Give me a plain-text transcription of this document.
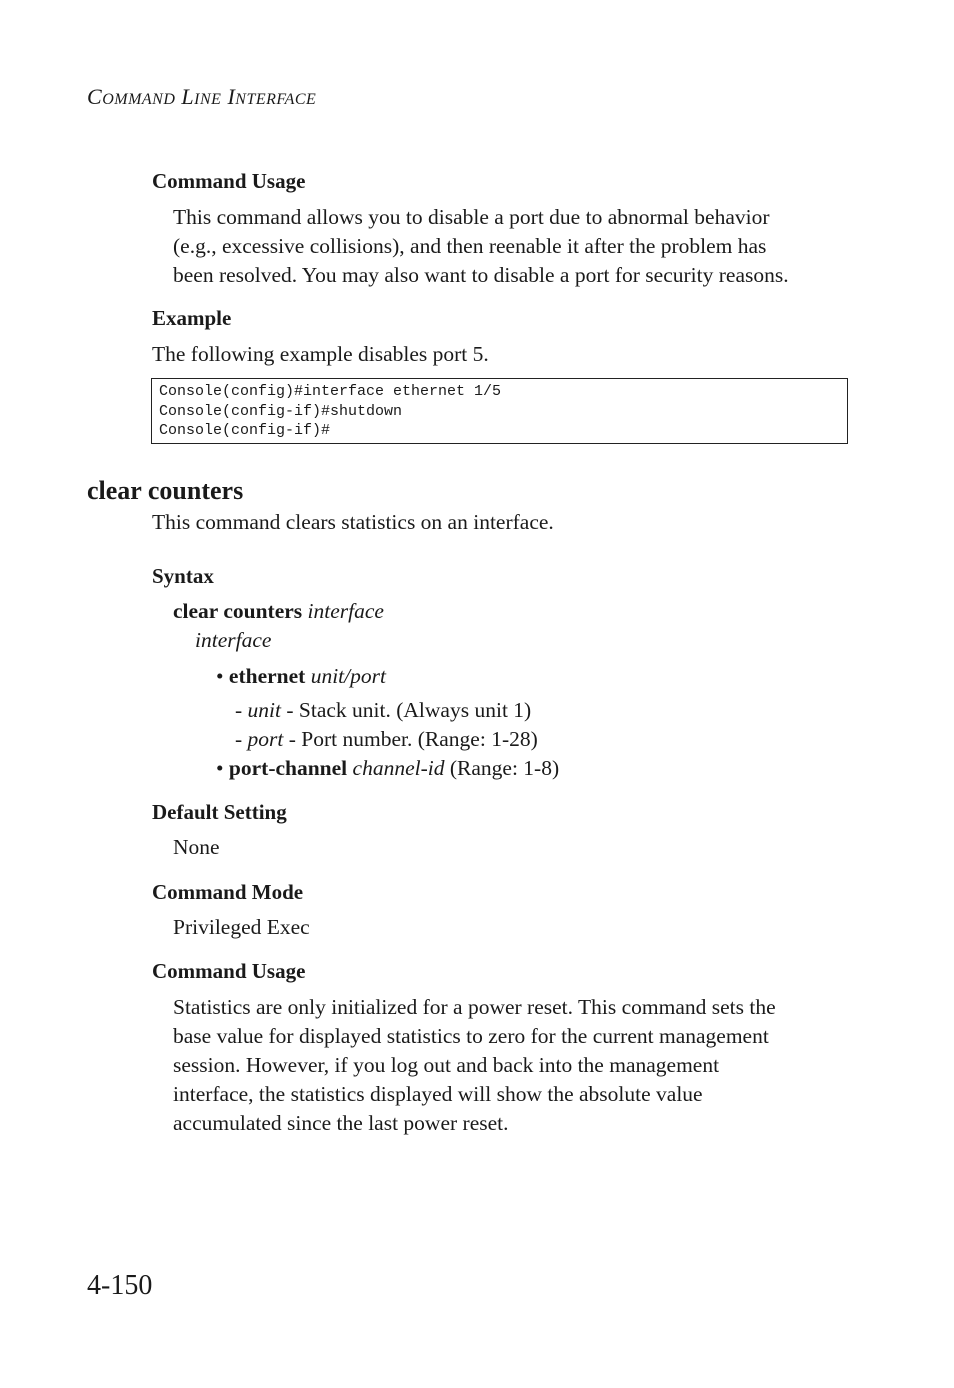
COMMAND LINE INTERFACE
Command Usage
This command allows you to disable a port due to abnormal behavior
(e.g., excessive collisions), and then reenable it after the problem has
been resolved. You may also want to disable a port for security reasons.
Example
The following example disables port 5.
Console(config)#interface ethernet 1/5
Console(config-if)#shutdown
Console(config-if)#
clear counters
This command clears statistics on an interface.
Syntax
clear counters interface
interface
• ethernet unit/port
- unit - Stack unit. (Always unit 1)
- port - Port number. (Range: 1-28)
• port-channel channel-id (Range: 1-8)
Default Setting
None
Command Mode
Privileged Exec
Command Usage
Statistics are only initialized for a power reset. This command sets the
base value for displayed statistics to zero for the current management
session. However, if you log out and back into the management
interface, the statistics displayed will show the absolute value
accumulated since the last power reset.
4-150
